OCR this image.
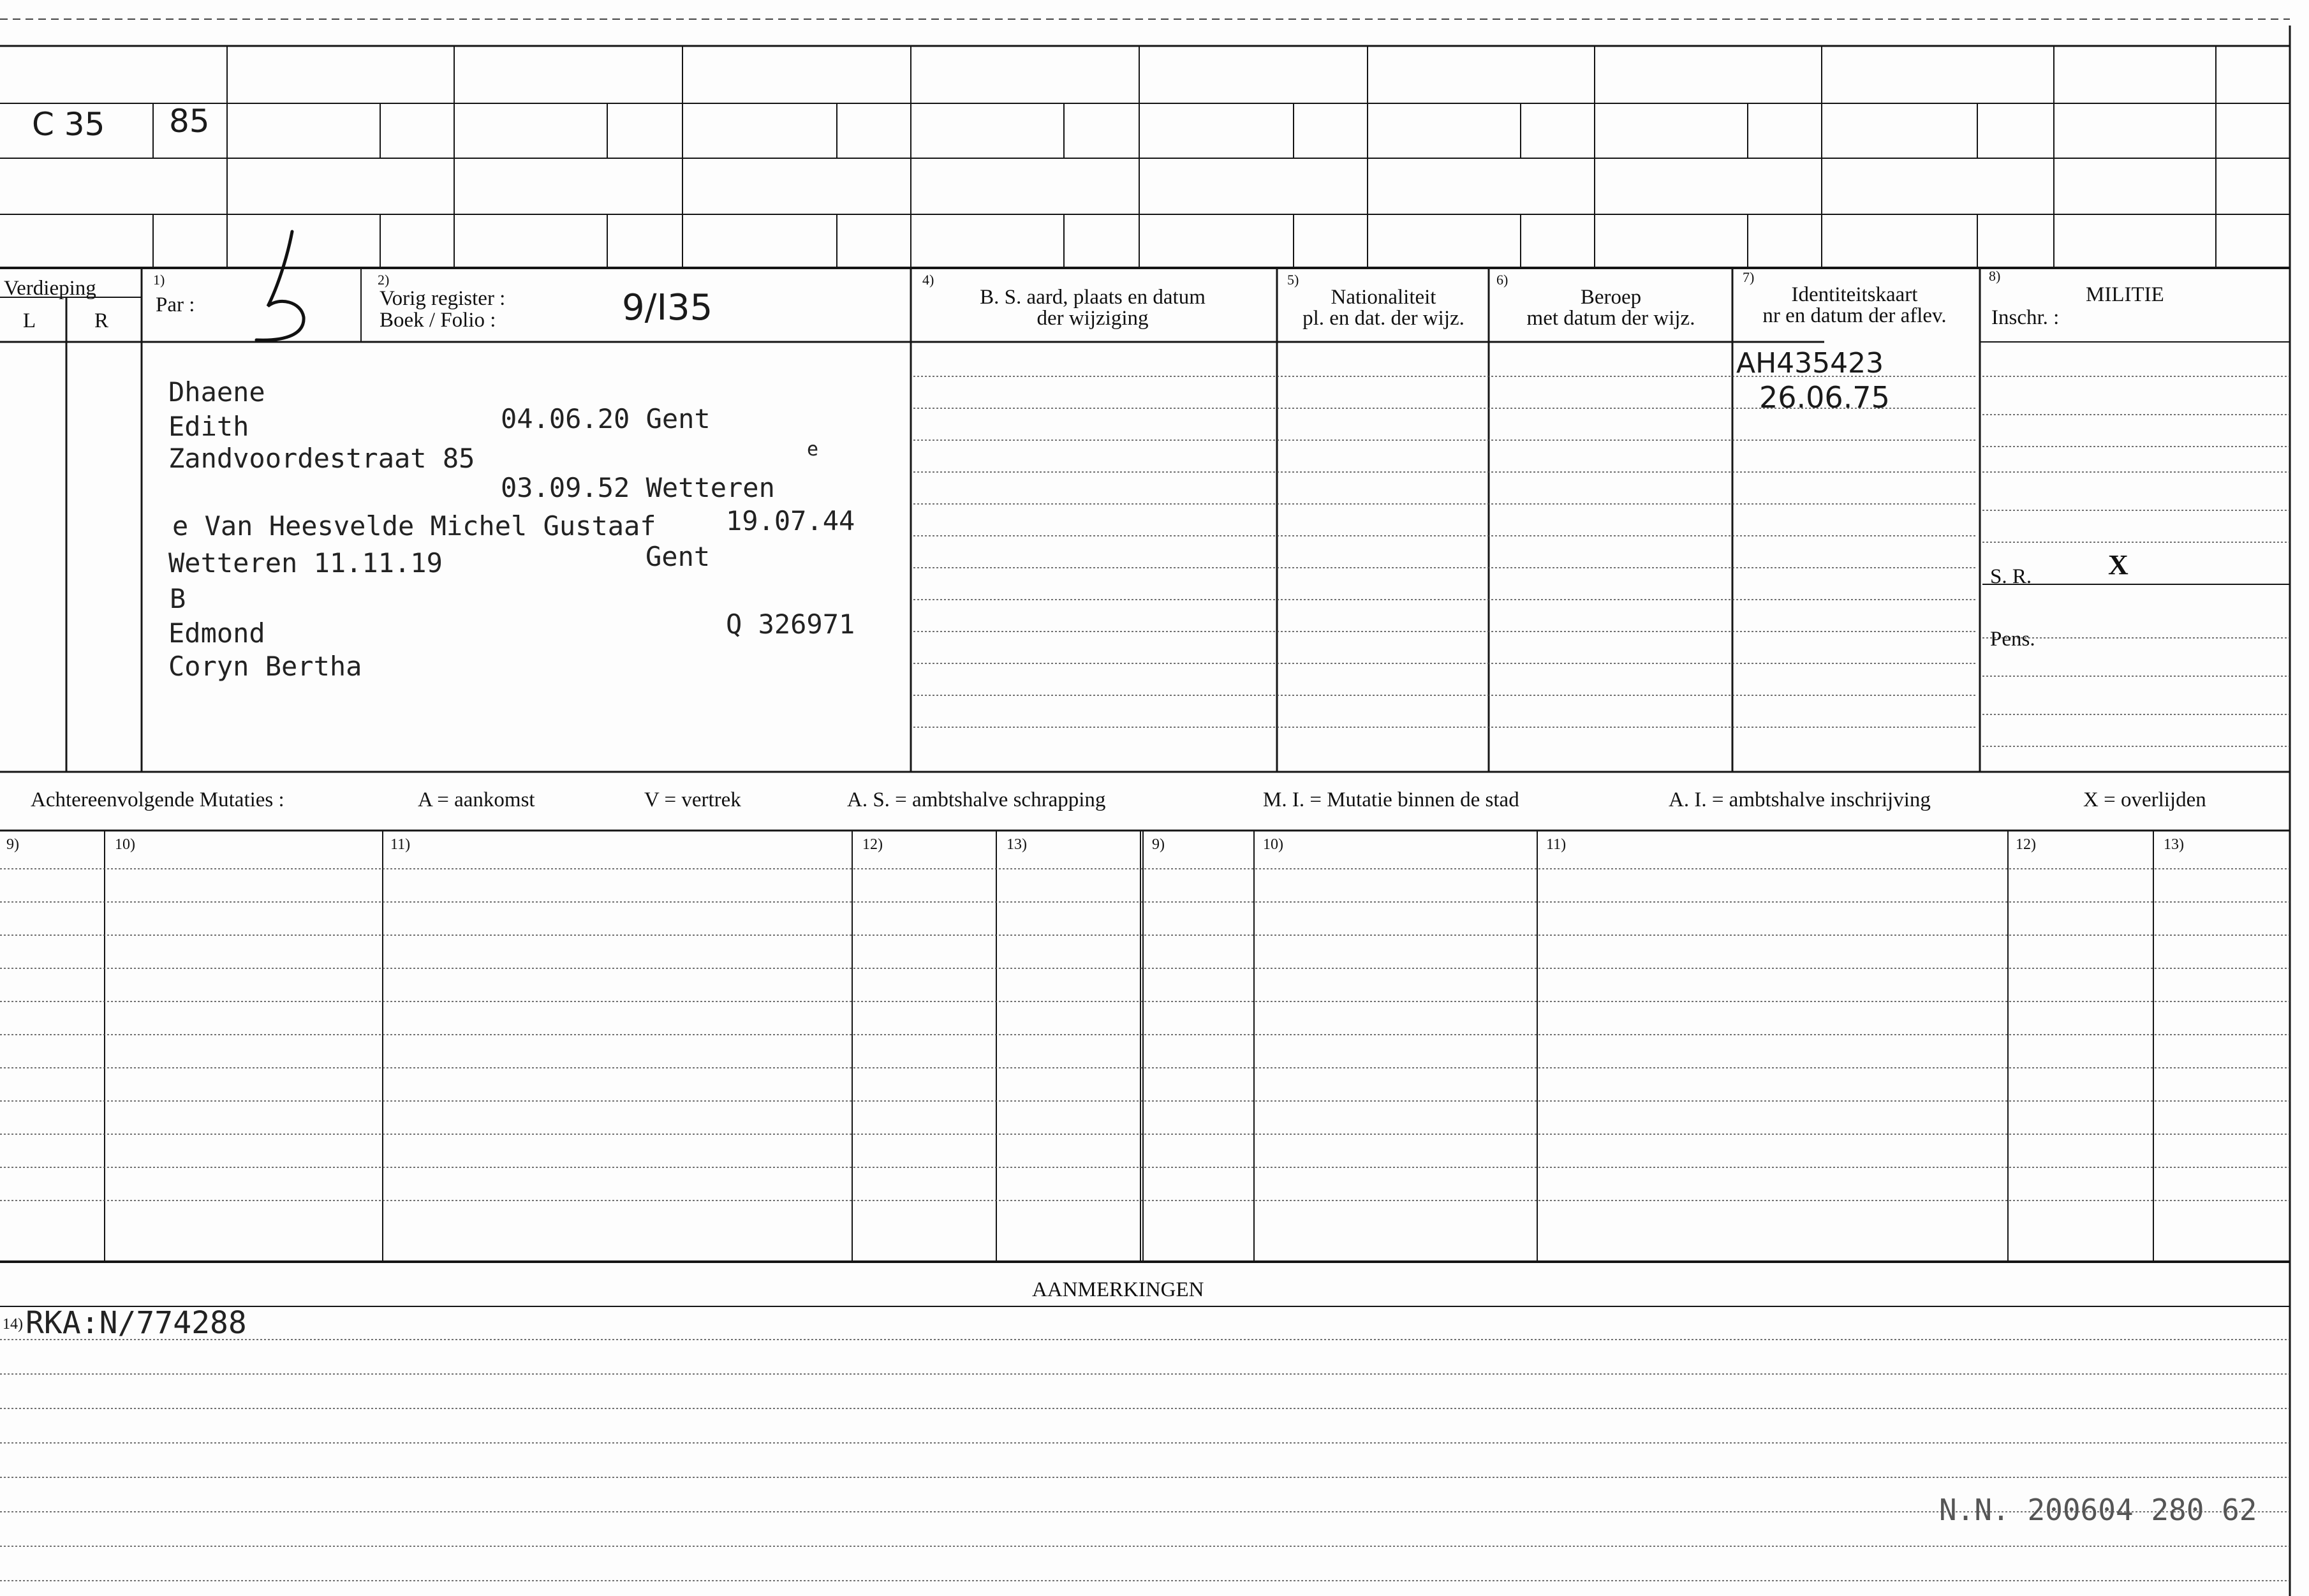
C 35 85
Verdieping
L	R
1)
Par :
2)
Vorig register :
Boek / Folio :	9/I35
4)
B. S. aard, plaats en datum
der wijziging
5)
Nationaliteit
pl. en dat. der wijz.
6)
Beroep
met datum der wijz.
7)
Identiteitskaart
nr en datum der aflev.
8)
MILITIE
Inschr. :
Dhaene
Edith	04.06.20 Gent
Zandvoordestraat 85	e
03.09.52 Wetteren
e Van Heesvelde Michel Gustaaf	19.07.44
Wetteren 11.11.19	Gent
B
Edmond	Q 326971
Coryn Bertha
AH435423
26.06.75
S. R.	X
Pens.
Achtereenvolgende Mutaties :	A = aankomst	V = vertrek	A. S. = ambtshalve schrapping	M. I. = Mutatie binnen de stad	A. I. = ambtshalve inschrijving	X = overlijden
9)	10)	11)	12)	13)	9)	10)	11)	12)	13)
AANMERKINGEN
14) RKA:N/774288
N.N. 200604 280 62
